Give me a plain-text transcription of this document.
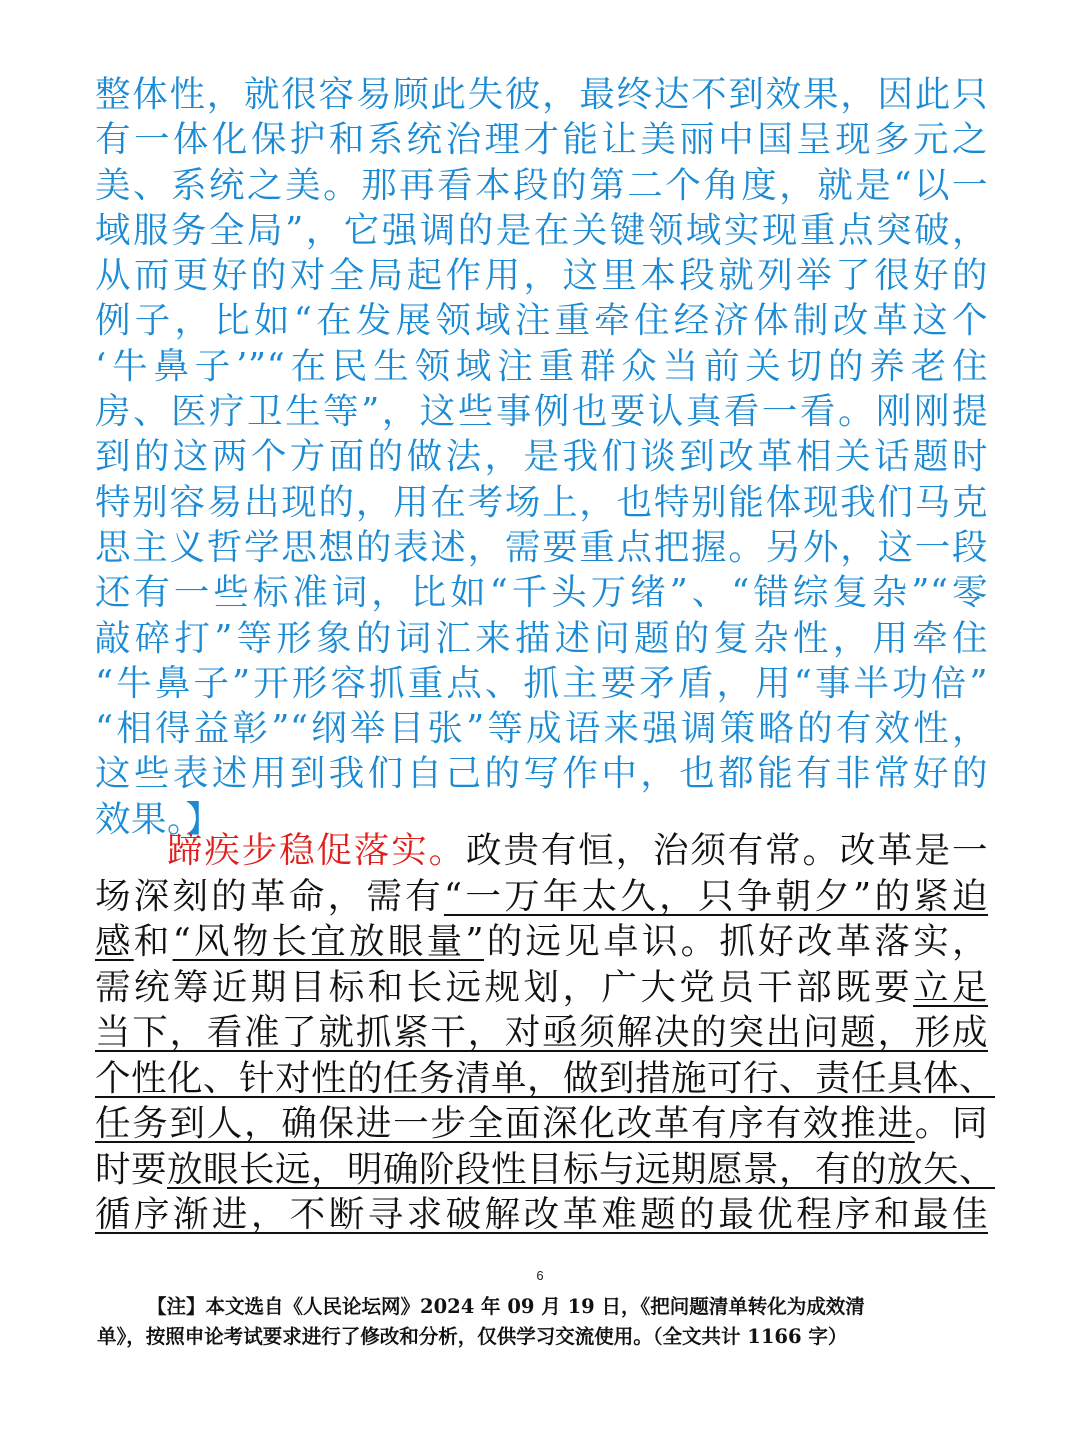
整体性，就很容易顾此失彼，最终达不到效果，因此只
有一体化保护和系统治理才能让美丽中国呈现多元之
美、系统之美。那再看本段的第二个角度，就是“以一
域服务全局”，它强调的是在关键领域实现重点突破，
从而更好的对全局起作用，这里本段就列举了很好的
例子，比如“在发展领域注重牵住经济体制改革这个
‘牛鼻子’”“在民生领域注重群众当前关切的养老住
房、医疗卫生等”，这些事例也要认真看一看。刚刚提
到的这两个方面的做法，是我们谈到改革相关话题时
特别容易出现的，用在考场上，也特别能体现我们马克
思主义哲学思想的表述，需要重点把握。另外，这一段
还有一些标准词，比如“千头万绪”、“错综复杂”“零
敲碎打”等形象的词汇来描述问题的复杂性，用牵住
“牛鼻子”开形容抓重点、抓主要矛盾，用“事半功倍”
“相得益彰”“纲举目张”等成语来强调策略的有效性，
这些表述用到我们自己的写作中，也都能有非常好的
效果。】
蹄疾步稳促落实。政贵有恒，治须有常。改革是一
场深刻的革命，需有“一万年太久，只争朝夕”的紧迫
感和“风物长宜放眼量”的远见卓识。抓好改革落实，
需统筹近期目标和长远规划，广大党员干部既要立足
当下，看准了就抓紧干，对亟须解决的突出问题，形成
个性化、针对性的任务清单，做到措施可行、责任具体、
任务到人，确保进一步全面深化改革有序有效推进。同
时要放眼长远，明确阶段性目标与远期愿景，有的放矢、
循序渐进，不断寻求破解改革难题的最优程序和最佳
6
【注】本文选自《人民论坛网》2024 年 09 月 19 日，《把问题清单转化为成效清
单》，按照申论考试要求进行了修改和分析，仅供学习交流使用。（全文共计 1166 字）
